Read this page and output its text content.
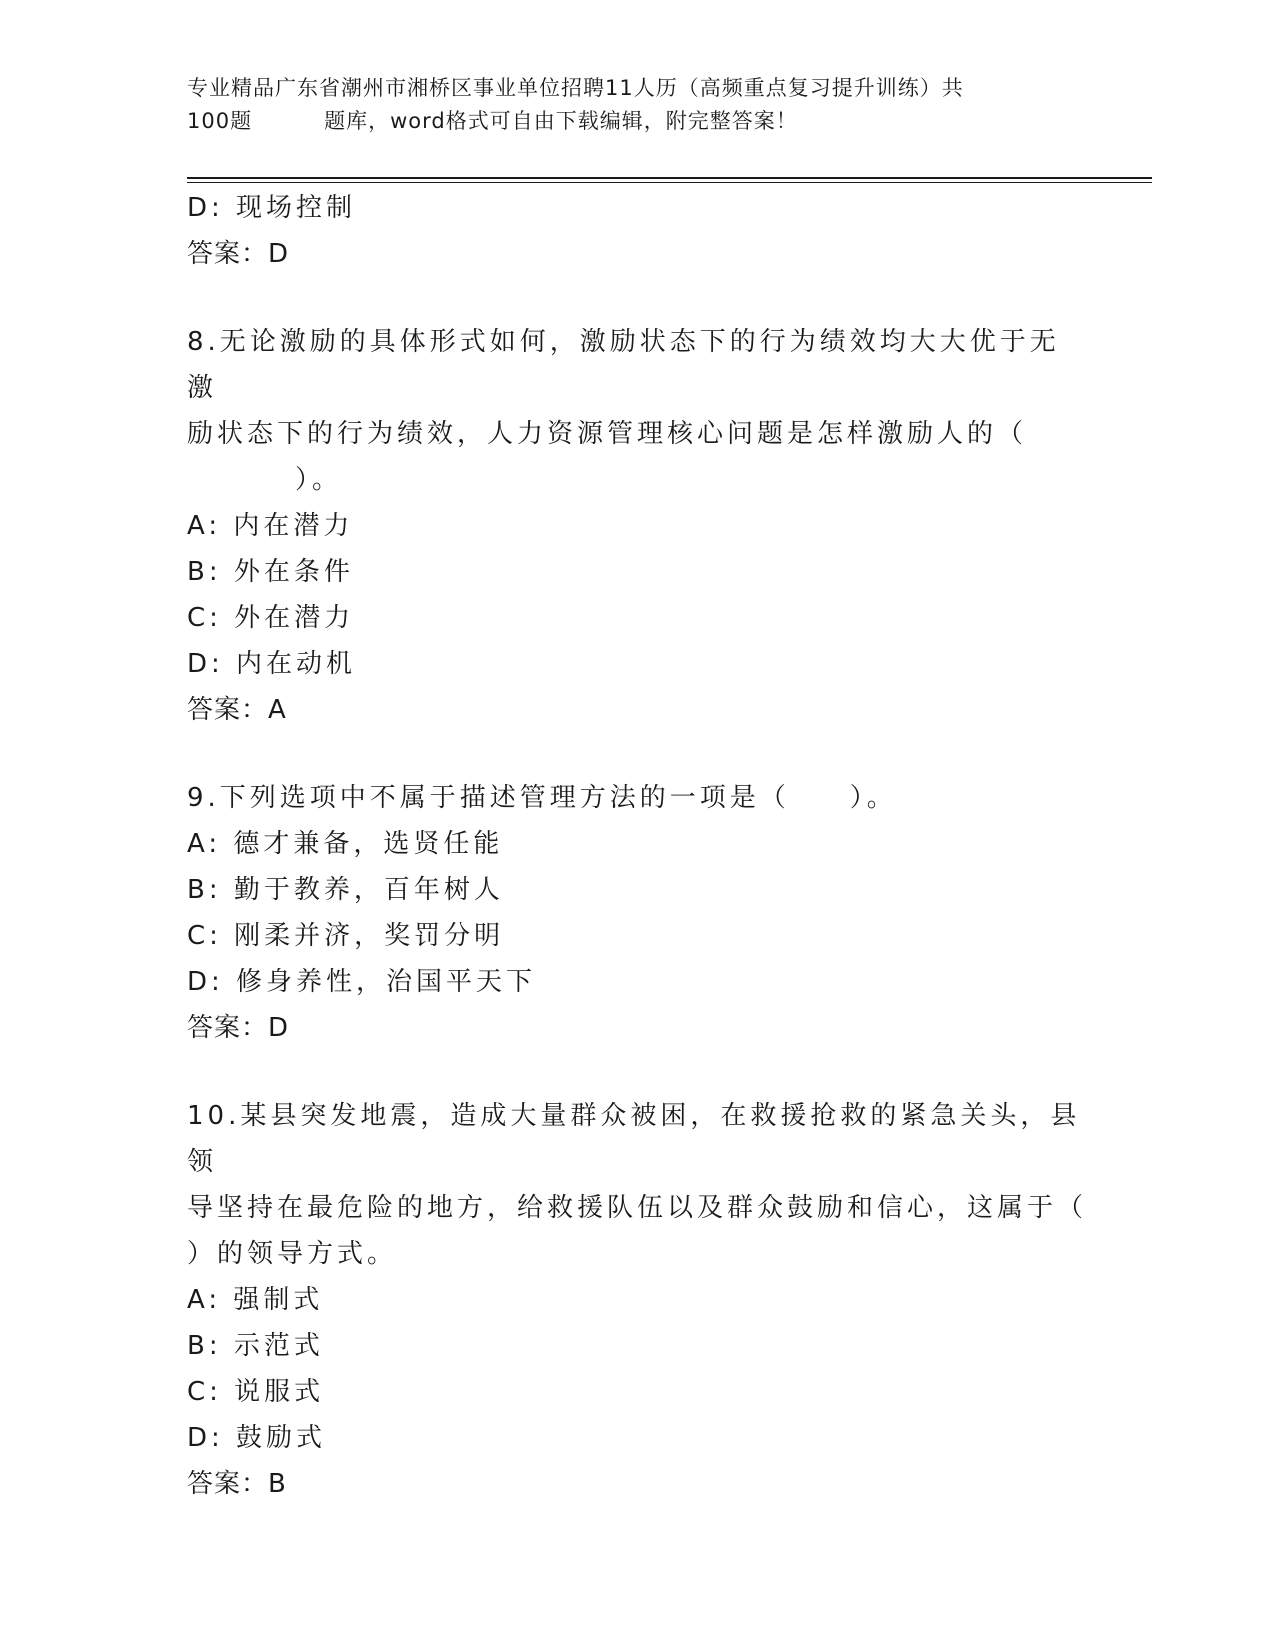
专业精品广东省潮州市湘桥区事业单位招聘11人历（高频重点复习提升训练）共
100题	题库，word格式可自由下载编辑，附完整答案！
D: 现场控制
答案：D
8.无论激励的具体形式如何，激励状态下的行为绩效均大大优于无激
励状态下的行为绩效，人力资源管理核心问题是怎样激励人的（
）。
A: 内在潜力
B: 外在条件
C: 外在潜力
D: 内在动机
答案：A
9.下列选项中不属于描述管理方法的一项是（　　）。
A: 德才兼备，选贤任能
B: 勤于教养，百年树人
C: 刚柔并济，奖罚分明
D: 修身养性，治国平天下
答案：D
10.某县突发地震，造成大量群众被困，在救援抢救的紧急关头，县领
导坚持在最危险的地方，给救援队伍以及群众鼓励和信心，这属于（
）的领导方式。
A: 强制式
B: 示范式
C: 说服式
D: 鼓励式
答案：B
